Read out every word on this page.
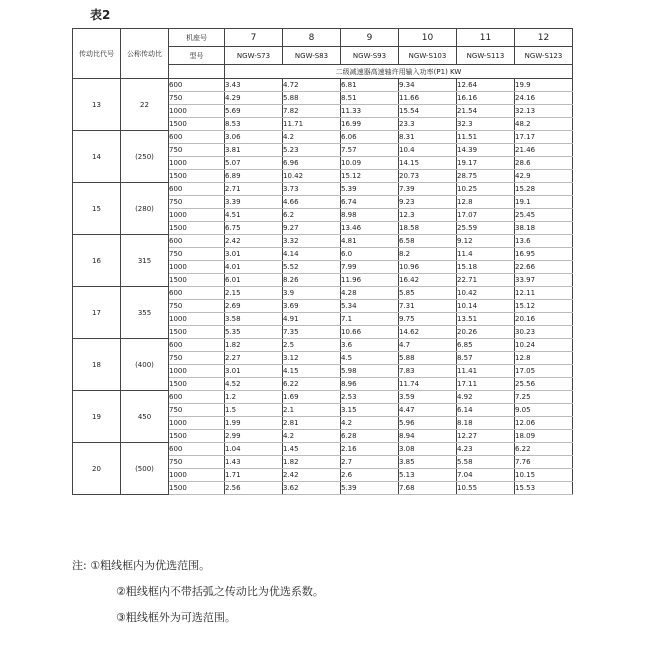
表2
传动比代号	公称传动比	机座号	7	8	9	10	11	12
		型号	NGW-S73	NGW-S83	NGW-S93	NGW-S103	NGW-S113	NGW-S123
			二级减速器高速轴许用输入功率(P1) KW					
13	22	600	3.43	4.72	6.81	9.34	12.64	19.9
		750	4.29	5.88	8.51	11.66	16.16	24.16
		1000	5.69	7.82	11.33	15.54	21.54	32.13
		1500	8.53	11.71	16.99	23.3	32.3	48.2
14	(250)	600	3.06	4.2	6.06	8.31	11.51	17.17
		750	3.81	5.23	7.57	10.4	14.39	21.46
		1000	5.07	6.96	10.09	14.15	19.17	28.6
		1500	6.89	10.42	15.12	20.73	28.75	42.9
15	(280)	600	2.71	3.73	5.39	7.39	10.25	15.28
		750	3.39	4.66	6.74	9.23	12.8	19.1
		1000	4.51	6.2	8.98	12.3	17.07	25.45
		1500	6.75	9.27	13.46	18.58	25.59	38.18
16	315	600	2.42	3.32	4.81	6.58	9.12	13.6
		750	3.01	4.14	6.0	8.2	11.4	16.95
		1000	4.01	5.52	7.99	10.96	15.18	22.66
		1500	6.01	8.26	11.96	16.42	22.71	33.97
17	355	600	2.15	3.9	4.28	5.85	10.42	12.11
		750	2.69	3.69	5.34	7.31	10.14	15.12
		1000	3.58	4.91	7.1	9.75	13.51	20.16
		1500	5.35	7.35	10.66	14.62	20.26	30.23
18	(400)	600	1.82	2.5	3.6	4.7	6.85	10.24
		750	2.27	3.12	4.5	5.88	8.57	12.8
		1000	3.01	4.15	5.98	7.83	11.41	17.05
		1500	4.52	6.22	8.96	11.74	17.11	25.56
19	450	600	1.2	1.69	2.53	3.59	4.92	7.25
		750	1.5	2.1	3.15	4.47	6.14	9.05
		1000	1.99	2.81	4.2	5.96	8.18	12.06
		1500	2.99	4.2	6.28	8.94	12.27	18.09
20	(500)	600	1.04	1.45	2.16	3.08	4.23	6.22
		750	1.43	1.82	2.7	3.85	5.58	7.76
		1000	1.71	2.42	2.6	5.13	7.04	10.15
		1500	2.56	3.62	5.39	7.68	10.55	15.53
注: ①粗线框内为优选范围。
②粗线框内不带括弧之传动比为优选系数。
③粗线框外为可选范围。
